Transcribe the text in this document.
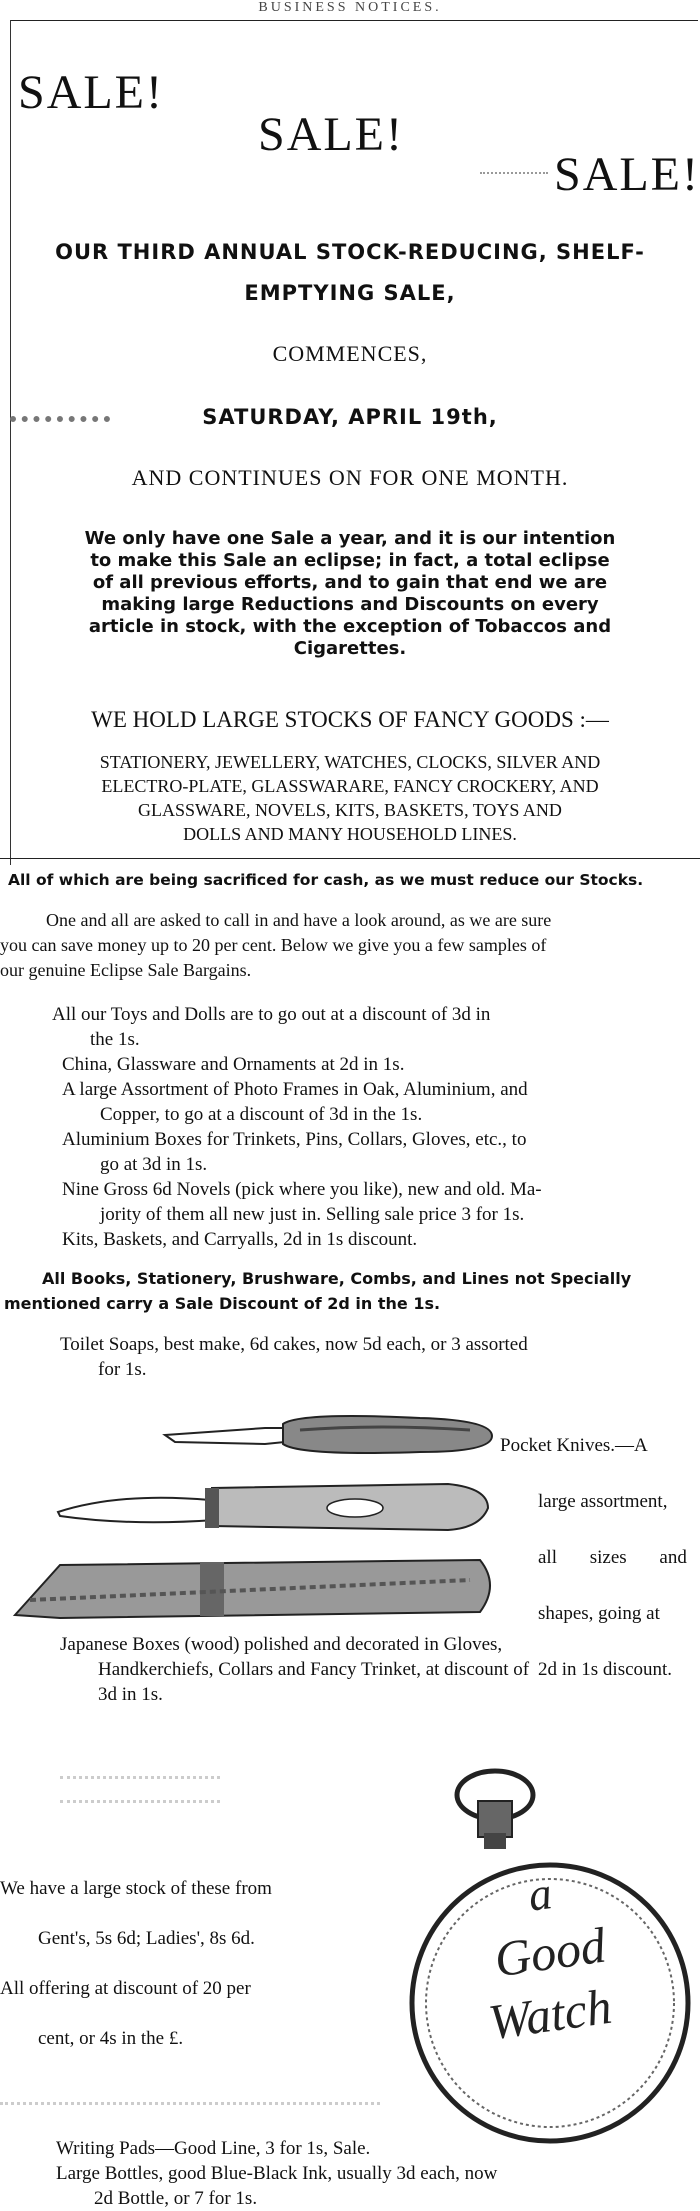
BUSINESS NOTICES.
SALE!
SALE!
SALE!
OUR THIRD ANNUAL STOCK-REDUCING, SHELF-
EMPTYING SALE,
COMMENCES,
SATURDAY, APRIL 19th,
AND CONTINUES ON FOR ONE MONTH.
We only have one Sale a year, and it is our intention
to make this Sale an eclipse; in fact, a total eclipse
of all previous efforts, and to gain that end we are
making large Reductions and Discounts on every
article in stock, with the exception of Tobaccos and
Cigarettes.
WE HOLD LARGE STOCKS OF FANCY GOODS :—
STATIONERY, JEWELLERY, WATCHES, CLOCKS, SILVER AND
ELECTRO-PLATE, GLASSWARARE, FANCY CROCKERY, AND
GLASSWARE, NOVELS, KITS, BASKETS, TOYS AND
DOLLS AND MANY HOUSEHOLD LINES.
All of which are being sacrificed for cash, as we must reduce our Stocks.
One and all are asked to call in and have a look around, as we are sure
you can save money up to 20 per cent. Below we give you a few samples of
our genuine Eclipse Sale Bargains.
All our Toys and Dolls are to go out at a discount of 3d in
the 1s.
China, Glassware and Ornaments at 2d in 1s.
A large Assortment of Photo Frames in Oak, Aluminium, and
Copper, to go at a discount of 3d in the 1s.
Aluminium Boxes for Trinkets, Pins, Collars, Gloves, etc., to
go at 3d in 1s.
Nine Gross 6d Novels (pick where you like), new and old. Ma-
jority of them all new just in. Selling sale price 3 for 1s.
Kits, Baskets, and Carryalls, 2d in 1s discount.
All Books, Stationery, Brushware, Combs, and Lines not Specially
mentioned carry a Sale Discount of 2d in the 1s.
Toilet Soaps, best make, 6d cakes, now 5d each, or 3 assorted
for 1s.
Pocket Knives.—A
large assortment,
all sizes and
shapes, going at
2d in 1s discount.
Japanese Boxes (wood) polished and decorated in Gloves,
Handkerchiefs, Collars and Fancy Trinket, at discount of
3d in 1s.
We have a large stock of these from
Gent's, 5s 6d; Ladies', 8s 6d.
All offering at discount of 20 per
cent, or 4s in the £.
a
Good
Watch
Writing Pads—Good Line, 3 for 1s, Sale.
Large Bottles, good Blue-Black Ink, usually 3d each, now
2d Bottle, or 7 for 1s.
